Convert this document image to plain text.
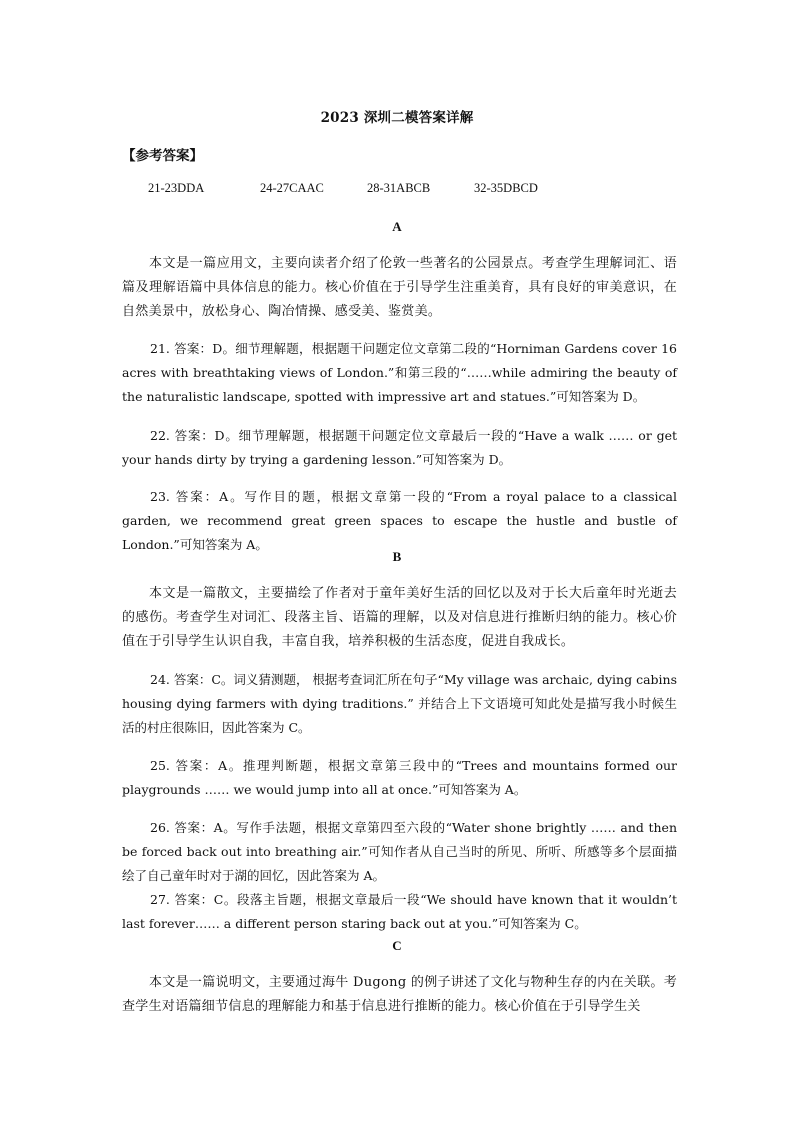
2023 深圳二模答案详解
【参考答案】
21-23DDA	24-27CAAC	28-31ABCB	32-35DBCD
A

本文是一篇应用文，主要向读者介绍了伦敦一些著名的公园景点。考查学生理解词汇、语篇及理解语篇中具体信息的能力。核心价值在于引导学生注重美育，具有良好的审美意识，在自然美景中，放松身心、陶冶情操、感受美、鉴赏美。

21. 答案：D。细节理解题，根据题干问题定位文章第二段的“Horniman Gardens cover 16 acres with breathtaking views of London.”和第三段的“……while admiring the beauty of the naturalistic landscape, spotted with impressive art and statues.”可知答案为 D。

22. 答案：D。细节理解题，根据题干问题定位文章最后一段的“Have a walk …… or get your hands dirty by trying a gardening lesson.”可知答案为 D。

23. 答案：A。写作目的题，根据文章第一段的“From a royal palace to a classical garden, we recommend great green spaces to escape the hustle and bustle of London.”可知答案为 A。

B

本文是一篇散文，主要描绘了作者对于童年美好生活的回忆以及对于长大后童年时光逝去的感伤。考查学生对词汇、段落主旨、语篇的理解，以及对信息进行推断归纳的能力。核心价值在于引导学生认识自我，丰富自我，培养积极的生活态度，促进自我成长。

24. 答案：C。词义猜测题， 根据考查词汇所在句子“My village was archaic, dying cabins housing dying farmers with dying traditions.” 并结合上下文语境可知此处是描写我小时候生活的村庄很陈旧，因此答案为 C。

25. 答案：A。推理判断题，根据文章第三段中的“Trees and mountains formed our playgrounds …… we would jump into all at once.”可知答案为 A。

26. 答案：A。写作手法题，根据文章第四至六段的“Water shone brightly …… and then be forced back out into breathing air.”可知作者从自己当时的所见、所听、所感等多个层面描绘了自己童年时对于湖的回忆，因此答案为 A。

27. 答案：C。段落主旨题，根据文章最后一段“We should have known that it wouldn’t last forever…… a different person staring back out at you.”可知答案为 C。

C

本文是一篇说明文，主要通过海牛 Dugong 的例子讲述了文化与物种生存的内在关联。考查学生对语篇细节信息的理解能力和基于信息进行推断的能力。核心价值在于引导学生关
